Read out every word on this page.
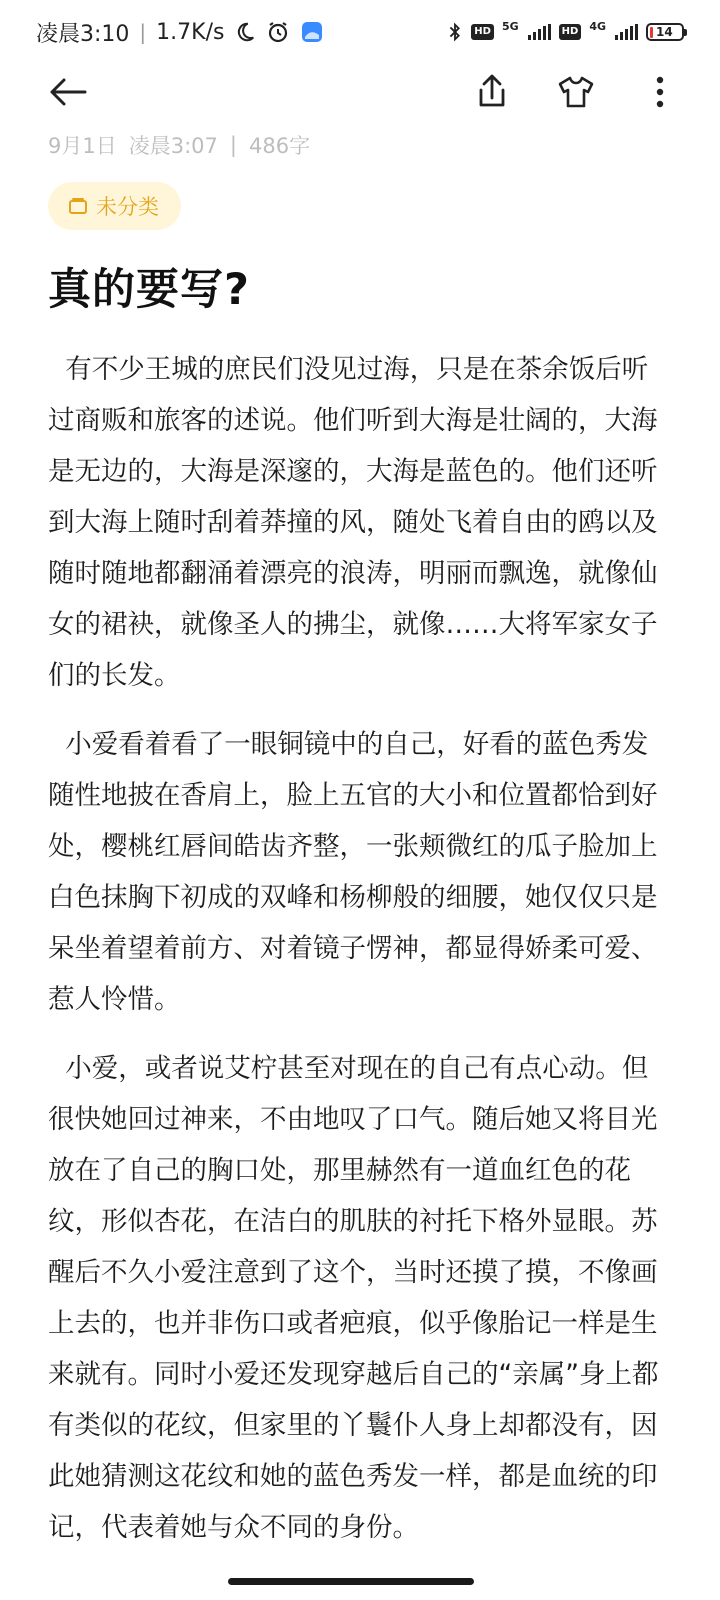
凌晨3:10 | 1.7K/s	HD 5G	HD 4G	14
9月1日 凌晨3:07 | 486字
未分类
真的要写?

有不少王城的庶民们没见过海，只是在茶余饭后听过商贩和旅客的述说。他们听到大海是壮阔的，大海是无边的，大海是深邃的，大海是蓝色的。他们还听到大海上随时刮着莽撞的风，随处飞着自由的鸥以及随时随地都翻涌着漂亮的浪涛，明丽而飘逸，就像仙女的裙袂，就像圣人的拂尘，就像……大将军家女子们的长发。

小爱看着看了一眼铜镜中的自己，好看的蓝色秀发随性地披在香肩上，脸上五官的大小和位置都恰到好处，樱桃红唇间皓齿齐整，一张颊微红的瓜子脸加上白色抹胸下初成的双峰和杨柳般的细腰，她仅仅只是呆坐着望着前方、对着镜子愣神，都显得娇柔可爱、惹人怜惜。

小爱，或者说艾柠甚至对现在的自己有点心动。但很快她回过神来，不由地叹了口气。随后她又将目光放在了自己的胸口处，那里赫然有一道血红色的花纹，形似杏花，在洁白的肌肤的衬托下格外显眼。苏醒后不久小爱注意到了这个，当时还摸了摸，不像画上去的，也并非伤口或者疤痕，似乎像胎记一样是生来就有。同时小爱还发现穿越后自己的“亲属”身上都有类似的花纹，但家里的丫鬟仆人身上却都没有，因此她猜测这花纹和她的蓝色秀发一样，都是血统的印记，代表着她与众不同的身份。
